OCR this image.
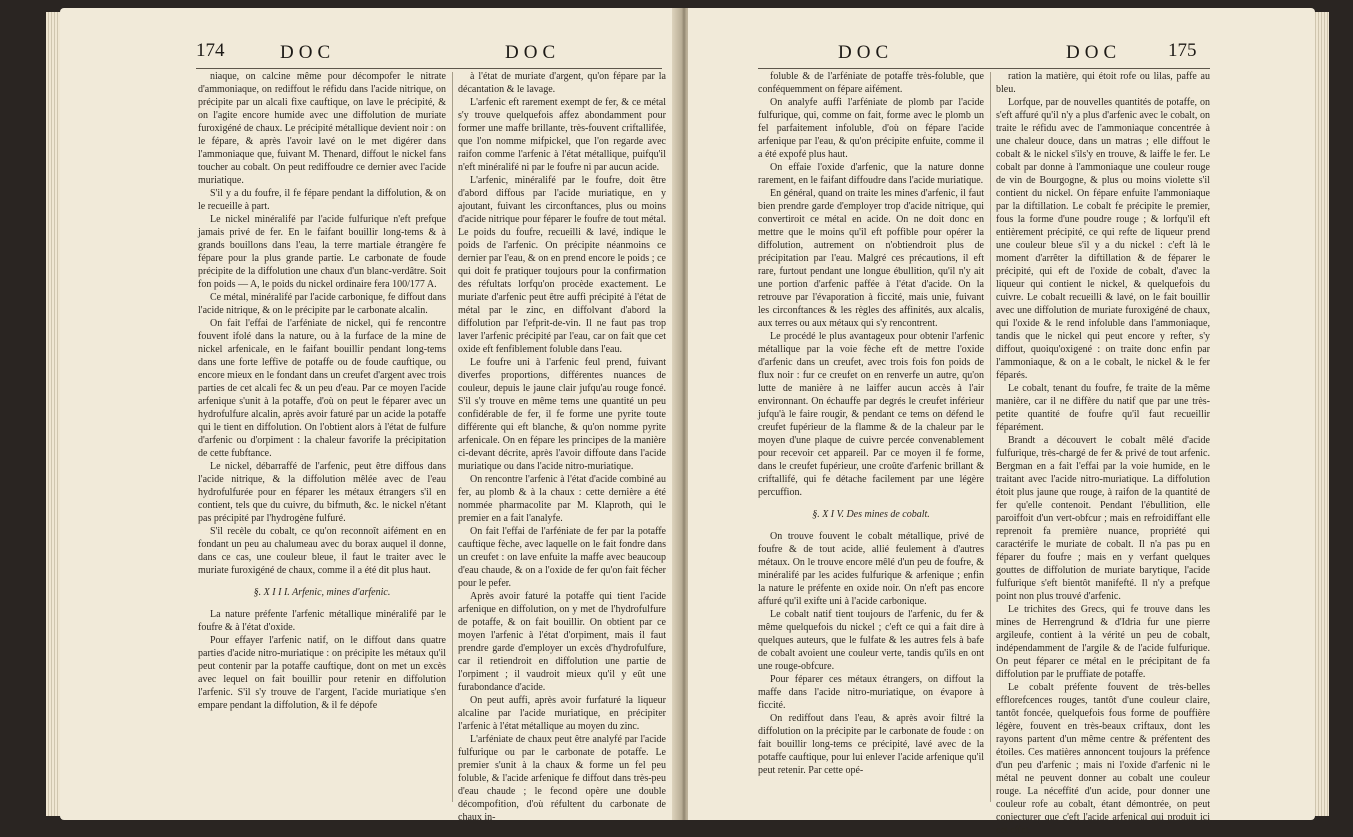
174	DOC	DOC

niaque, on calcine même pour décompofer le nitrate d'ammoniaque, on rediffout le réfidu dans l'acide nitrique, on précipite par un alcali fixe cauftique, on lave le précipité, & on l'agite encore humide avec une diffolution de muriate furoxigéné de chaux. Le précipité métallique devient noir : on le fépare, & après l'avoir lavé on le met digérer dans l'ammoniaque que, fuivant M. Thenard, diffout le nickel fans toucher au cobalt. On peut rediffoudre ce dernier avec l'acide muriatique.

S'il y a du foufre, il fe fépare pendant la diffolution, & on le recueille à part.

Le nickel minéralifé par l'acide fulfurique n'eft prefque jamais privé de fer. En le faifant bouillir long-tems & à grands bouillons dans l'eau, la terre martiale étrangère fe fépare pour la plus grande partie. Le carbonate de foude précipite de la diffolution une chaux d'un blanc-verdâtre. Soit fon poids — A, le poids du nickel ordinaire fera 100/177 A.

Ce métal, minéralifé par l'acide carbonique, fe diffout dans l'acide nitrique, & on le précipite par le carbonate alcalin.

On fait l'effai de l'arféniate de nickel, qui fe rencontre fouvent ifolé dans la nature, ou à la furface de la mine de nickel arfenicale, en le faifant bouillir pendant long-tems dans une forte leffive de potaffe ou de foude cauftique, ou encore mieux en le fondant dans un creufet d'argent avec trois parties de cet alcali fec & un peu d'eau. Par ce moyen l'acide arfenique s'unit à la potaffe, d'où on peut le féparer avec un hydrofulfure alcalin, après avoir faturé par un acide la potaffe qui le tient en diffolution. On l'obtient alors à l'état de fulfure d'arfenic ou d'orpiment : la chaleur favorife la précipitation de cette fubftance.

Le nickel, débarraffé de l'arfenic, peut être diffous dans l'acide nitrique, & la diffolution mêlée avec de l'eau hydrofulfurée pour en féparer les métaux étrangers s'il en contient, tels que du cuivre, du bifmuth, &c. le nickel n'étant pas précipité par l'hydrogène fulfuré.

S'il recèle du cobalt, ce qu'on reconnoît aifément en en fondant un peu au chalumeau avec du borax auquel il donne, dans ce cas, une couleur bleue, il faut le traiter avec le muriate furoxigéné de chaux, comme il a été dit plus haut.

§. X I I I. Arfenic, mines d'arfenic.

La nature préfente l'arfenic métallique minéralifé par le foufre & à l'état d'oxide.

Pour effayer l'arfenic natif, on le diffout dans quatre parties d'acide nitro-muriatique : on précipite les métaux qu'il peut contenir par la potaffe cauftique, dont on met un excès avec lequel on fait bouillir pour retenir en diffolution l'arfenic. S'il s'y trouve de l'argent, l'acide muriatique s'en empare pendant la diffolution, & il fe dépofe

à l'état de muriate d'argent, qu'on fépare par la décantation & le lavage.

L'arfenic eft rarement exempt de fer, & ce métal s'y trouve quelquefois affez abondamment pour former une maffe brillante, très-fouvent criftallifée, que l'on nomme mifpickel, que l'on regarde avec raifon comme l'arfenic à l'état métallique, puifqu'il n'eft minéralifé ni par le foufre ni par aucun acide.

L'arfenic, minéralifé par le foufre, doit être d'abord diffous par l'acide muriatique, en y ajoutant, fuivant les circonftances, plus ou moins d'acide nitrique pour féparer le foufre de tout métal. Le poids du foufre, recueilli & lavé, indique le poids de l'arfenic. On précipite néanmoins ce dernier par l'eau, & on en prend encore le poids ; ce qui doit fe pratiquer toujours pour la confirmation des réfultats lorfqu'on procède exactement. Le muriate d'arfenic peut être auffi précipité à l'état de métal par le zinc, en diffolvant d'abord la diffolution par l'efprit-de-vin. Il ne faut pas trop laver l'arfenic précipité par l'eau, car on fait que cet oxide eft fenfiblement foluble dans l'eau.

Le foufre uni à l'arfenic feul prend, fuivant diverfes proportions, différentes nuances de couleur, depuis le jaune clair jufqu'au rouge foncé. S'il s'y trouve en même tems une quantité un peu confidérable de fer, il fe forme une pyrite toute différente qui eft blanche, & qu'on nomme pyrite arfenicale. On en fépare les principes de la manière ci-devant décrite, après l'avoir diffoute dans l'acide muriatique ou dans l'acide nitro-muriatique.

On rencontre l'arfenic à l'état d'acide combiné au fer, au plomb & à la chaux : cette dernière a été nommée pharmacolite par M. Klaproth, qui le premier en a fait l'analyfe.

On fait l'effai de l'arféniate de fer par la potaffe cauftique fèche, avec laquelle on le fait fondre dans un creufet : on lave enfuite la maffe avec beaucoup d'eau chaude, & on a l'oxide de fer qu'on fait fécher pour le pefer.

Après avoir faturé la potaffe qui tient l'acide arfenique en diffolution, on y met de l'hydrofulfure de potaffe, & on fait bouillir. On obtient par ce moyen l'arfenic à l'état d'orpiment, mais il faut prendre garde d'employer un excès d'hydrofulfure, car il retiendroit en diffolution une partie de l'orpiment ; il vaudroit mieux qu'il y eût une furabondance d'acide.

On peut auffi, après avoir furfaturé la liqueur alcaline par l'acide muriatique, en précipiter l'arfenic à l'état métallique au moyen du zinc.

L'arféniate de chaux peut être analyfé par l'acide fulfurique ou par le carbonate de potaffe. Le premier s'unit à la chaux & forme un fel peu foluble, & l'acide arfenique fe diffout dans très-peu d'eau chaude ; le fecond opère une double décompofition, d'où réfultent du carbonate de chaux in-

DOC	DOC 175

foluble & de l'arféniate de potaffe très-foluble, que conféquemment on fépare aifément.

On analyfe auffi l'arféniate de plomb par l'acide fulfurique, qui, comme on fait, forme avec le plomb un fel parfaitement infoluble, d'où on fépare l'acide arfenique par l'eau, & qu'on précipite enfuite, comme il a été expofé plus haut.

On effaie l'oxide d'arfenic, que la nature donne rarement, en le faifant diffoudre dans l'acide muriatique.

En général, quand on traite les mines d'arfenic, il faut bien prendre garde d'employer trop d'acide nitrique, qui convertiroit ce métal en acide. On ne doit donc en mettre que le moins qu'il eft poffible pour opérer la diffolution, autrement on n'obtiendroit plus de précipitation par l'eau. Malgré ces précautions, il eft rare, furtout pendant une longue ébullition, qu'il n'y ait une portion d'arfenic paffée à l'état d'acide. On la retrouve par l'évaporation à ficcité, mais unie, fuivant les circonftances & les règles des affinités, aux alcalis, aux terres ou aux métaux qui s'y rencontrent.

Le procédé le plus avantageux pour obtenir l'arfenic métallique par la voie fèche eft de mettre l'oxide d'arfenic dans un creufet, avec trois fois fon poids de flux noir : fur ce creufet on en renverfe un autre, qu'on lutte de manière à ne laiffer aucun accès à l'air environnant. On échauffe par degrés le creufet inférieur jufqu'à le faire rougir, & pendant ce tems on défend le creufet fupérieur de la flamme & de la chaleur par le moyen d'une plaque de cuivre percée convenablement pour recevoir cet appareil. Par ce moyen il fe forme, dans le creufet fupérieur, une croûte d'arfenic brillant & criftallifé, qui fe détache facilement par une légère percuffion.

§. X I V. Des mines de cobalt.

On trouve fouvent le cobalt métallique, privé de foufre & de tout acide, allié feulement à d'autres métaux. On le trouve encore mêlé d'un peu de foufre, & minéralifé par les acides fulfurique & arfenique ; enfin la nature le préfente en oxide noir. On n'eft pas encore affuré qu'il exifte uni à l'acide carbonique.

Le cobalt natif tient toujours de l'arfenic, du fer & même quelquefois du nickel ; c'eft ce qui a fait dire à quelques auteurs, que le fulfate & les autres fels à bafe de cobalt avoient une couleur verte, tandis qu'ils en ont une rouge-obfcure.

Pour féparer ces métaux étrangers, on diffout la maffe dans l'acide nitro-muriatique, on évapore à ficcité.

On rediffout dans l'eau, & après avoir filtré la diffolution on la précipite par le carbonate de foude : on fait bouillir long-tems ce précipité, lavé avec de la potaffe cauftique, pour lui enlever l'acide arfenique qu'il peut retenir. Par cette opé-

ration la matière, qui étoit rofe ou lilas, paffe au bleu.

Lorfque, par de nouvelles quantités de potaffe, on s'eft affuré qu'il n'y a plus d'arfenic avec le cobalt, on traite le réfidu avec de l'ammoniaque concentrée à une chaleur douce, dans un matras ; elle diffout le cobalt & le nickel s'ils'y en trouve, & laiffe le fer. Le cobalt par donne à l'ammoniaque une couleur rouge de vin de Bourgogne, & plus ou moins violette s'il contient du nickel. On fépare enfuite l'ammoniaque par la diftillation. Le cobalt fe précipite le premier, fous la forme d'une poudre rouge ; & lorfqu'il eft entièrement précipité, ce qui refte de liqueur prend une couleur bleue s'il y a du nickel : c'eft là le moment d'arrêter la diftillation & de féparer le précipité, qui eft de l'oxide de cobalt, d'avec la liqueur qui contient le nickel, & quelquefois du cuivre. Le cobalt recueilli & lavé, on le fait bouillir avec une diffolution de muriate furoxigéné de chaux, qui l'oxide & le rend infoluble dans l'ammoniaque, tandis que le nickel qui peut encore y refter, s'y diffout, quoiqu'oxigené : on traite donc enfin par l'ammoniaque, & on a le cobalt, le nickel & le fer féparés.

Le cobalt, tenant du foufre, fe traite de la même manière, car il ne diffère du natif que par une très-petite quantité de foufre qu'il faut recueillir féparément.

Brandt a découvert le cobalt mêlé d'acide fulfurique, très-chargé de fer & privé de tout arfenic. Bergman en a fait l'effai par la voie humide, en le traitant avec l'acide nitro-muriatique. La diffolution étoit plus jaune que rouge, à raifon de la quantité de fer qu'elle contenoit. Pendant l'ébullition, elle paroiffoit d'un vert-obfcur ; mais en refroidiffant elle reprenoit fa première nuance, propriété qui caractérife le muriate de cobalt. Il n'a pas pu en féparer du foufre ; mais en y verfant quelques gouttes de diffolution de muriate barytique, l'acide fulfurique s'eft bientôt manifefté. Il n'y a prefque point non plus trouvé d'arfenic.

Le trichites des Grecs, qui fe trouve dans les mines de Herrengrund & d'Idria fur une pierre argileufe, contient à la vérité un peu de cobalt, indépendamment de l'argile & de l'acide fulfurique. On peut féparer ce métal en le précipitant de fa diffolution par le pruffiate de potaffe.

Le cobalt préfente fouvent de très-belles efflorefcences rouges, tantôt d'une couleur claire, tantôt foncée, quelquefois fous forme de pouffière légère, fouvent en très-beaux criftaux, dont les rayons partent d'un même centre & préfentent des étoiles. Ces matières annoncent toujours la préfence d'un peu d'arfenic ; mais ni l'oxide d'arfenic ni le métal ne peuvent donner au cobalt une couleur rouge. La néceffité d'un acide, pour donner une couleur rofe au cobalt, étant démontrée, on peut conjecturer que c'eft l'acide arfenical qui produit ici cet effet.
